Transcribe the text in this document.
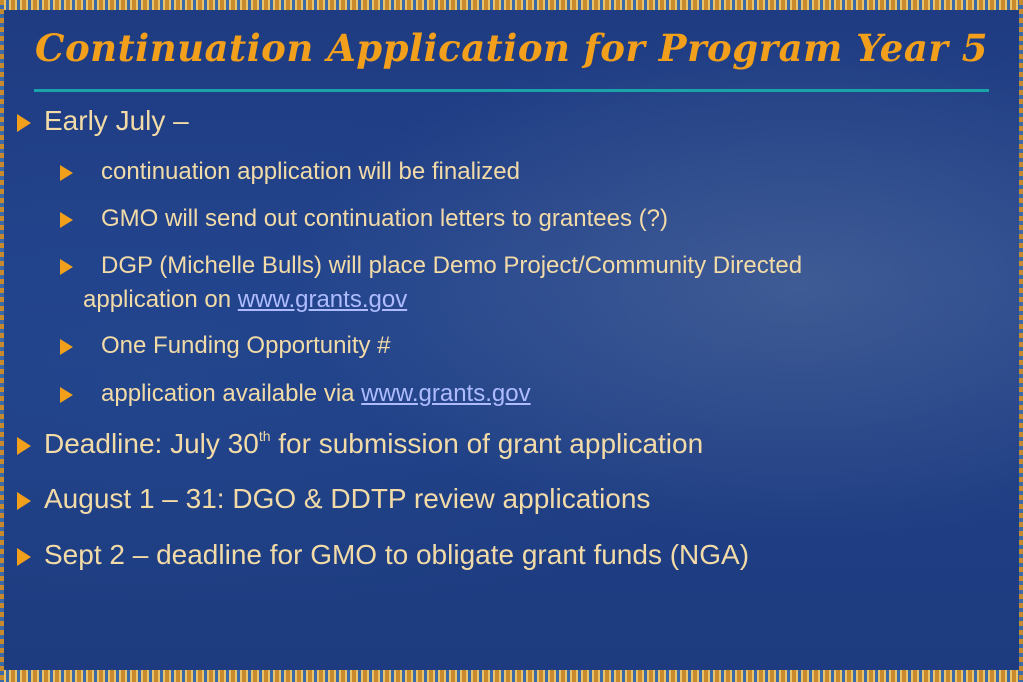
Continuation Application for Program Year 5
Early July –
continuation application will be finalized
GMO will send out continuation letters to grantees (?)
DGP (Michelle Bulls) will place Demo Project/Community Directed
application on www.grants.gov
One Funding Opportunity #
application available via www.grants.gov
Deadline: July 30th for submission of grant application
August 1 – 31: DGO & DDTP review applications
Sept 2 – deadline for GMO to obligate grant funds (NGA)
